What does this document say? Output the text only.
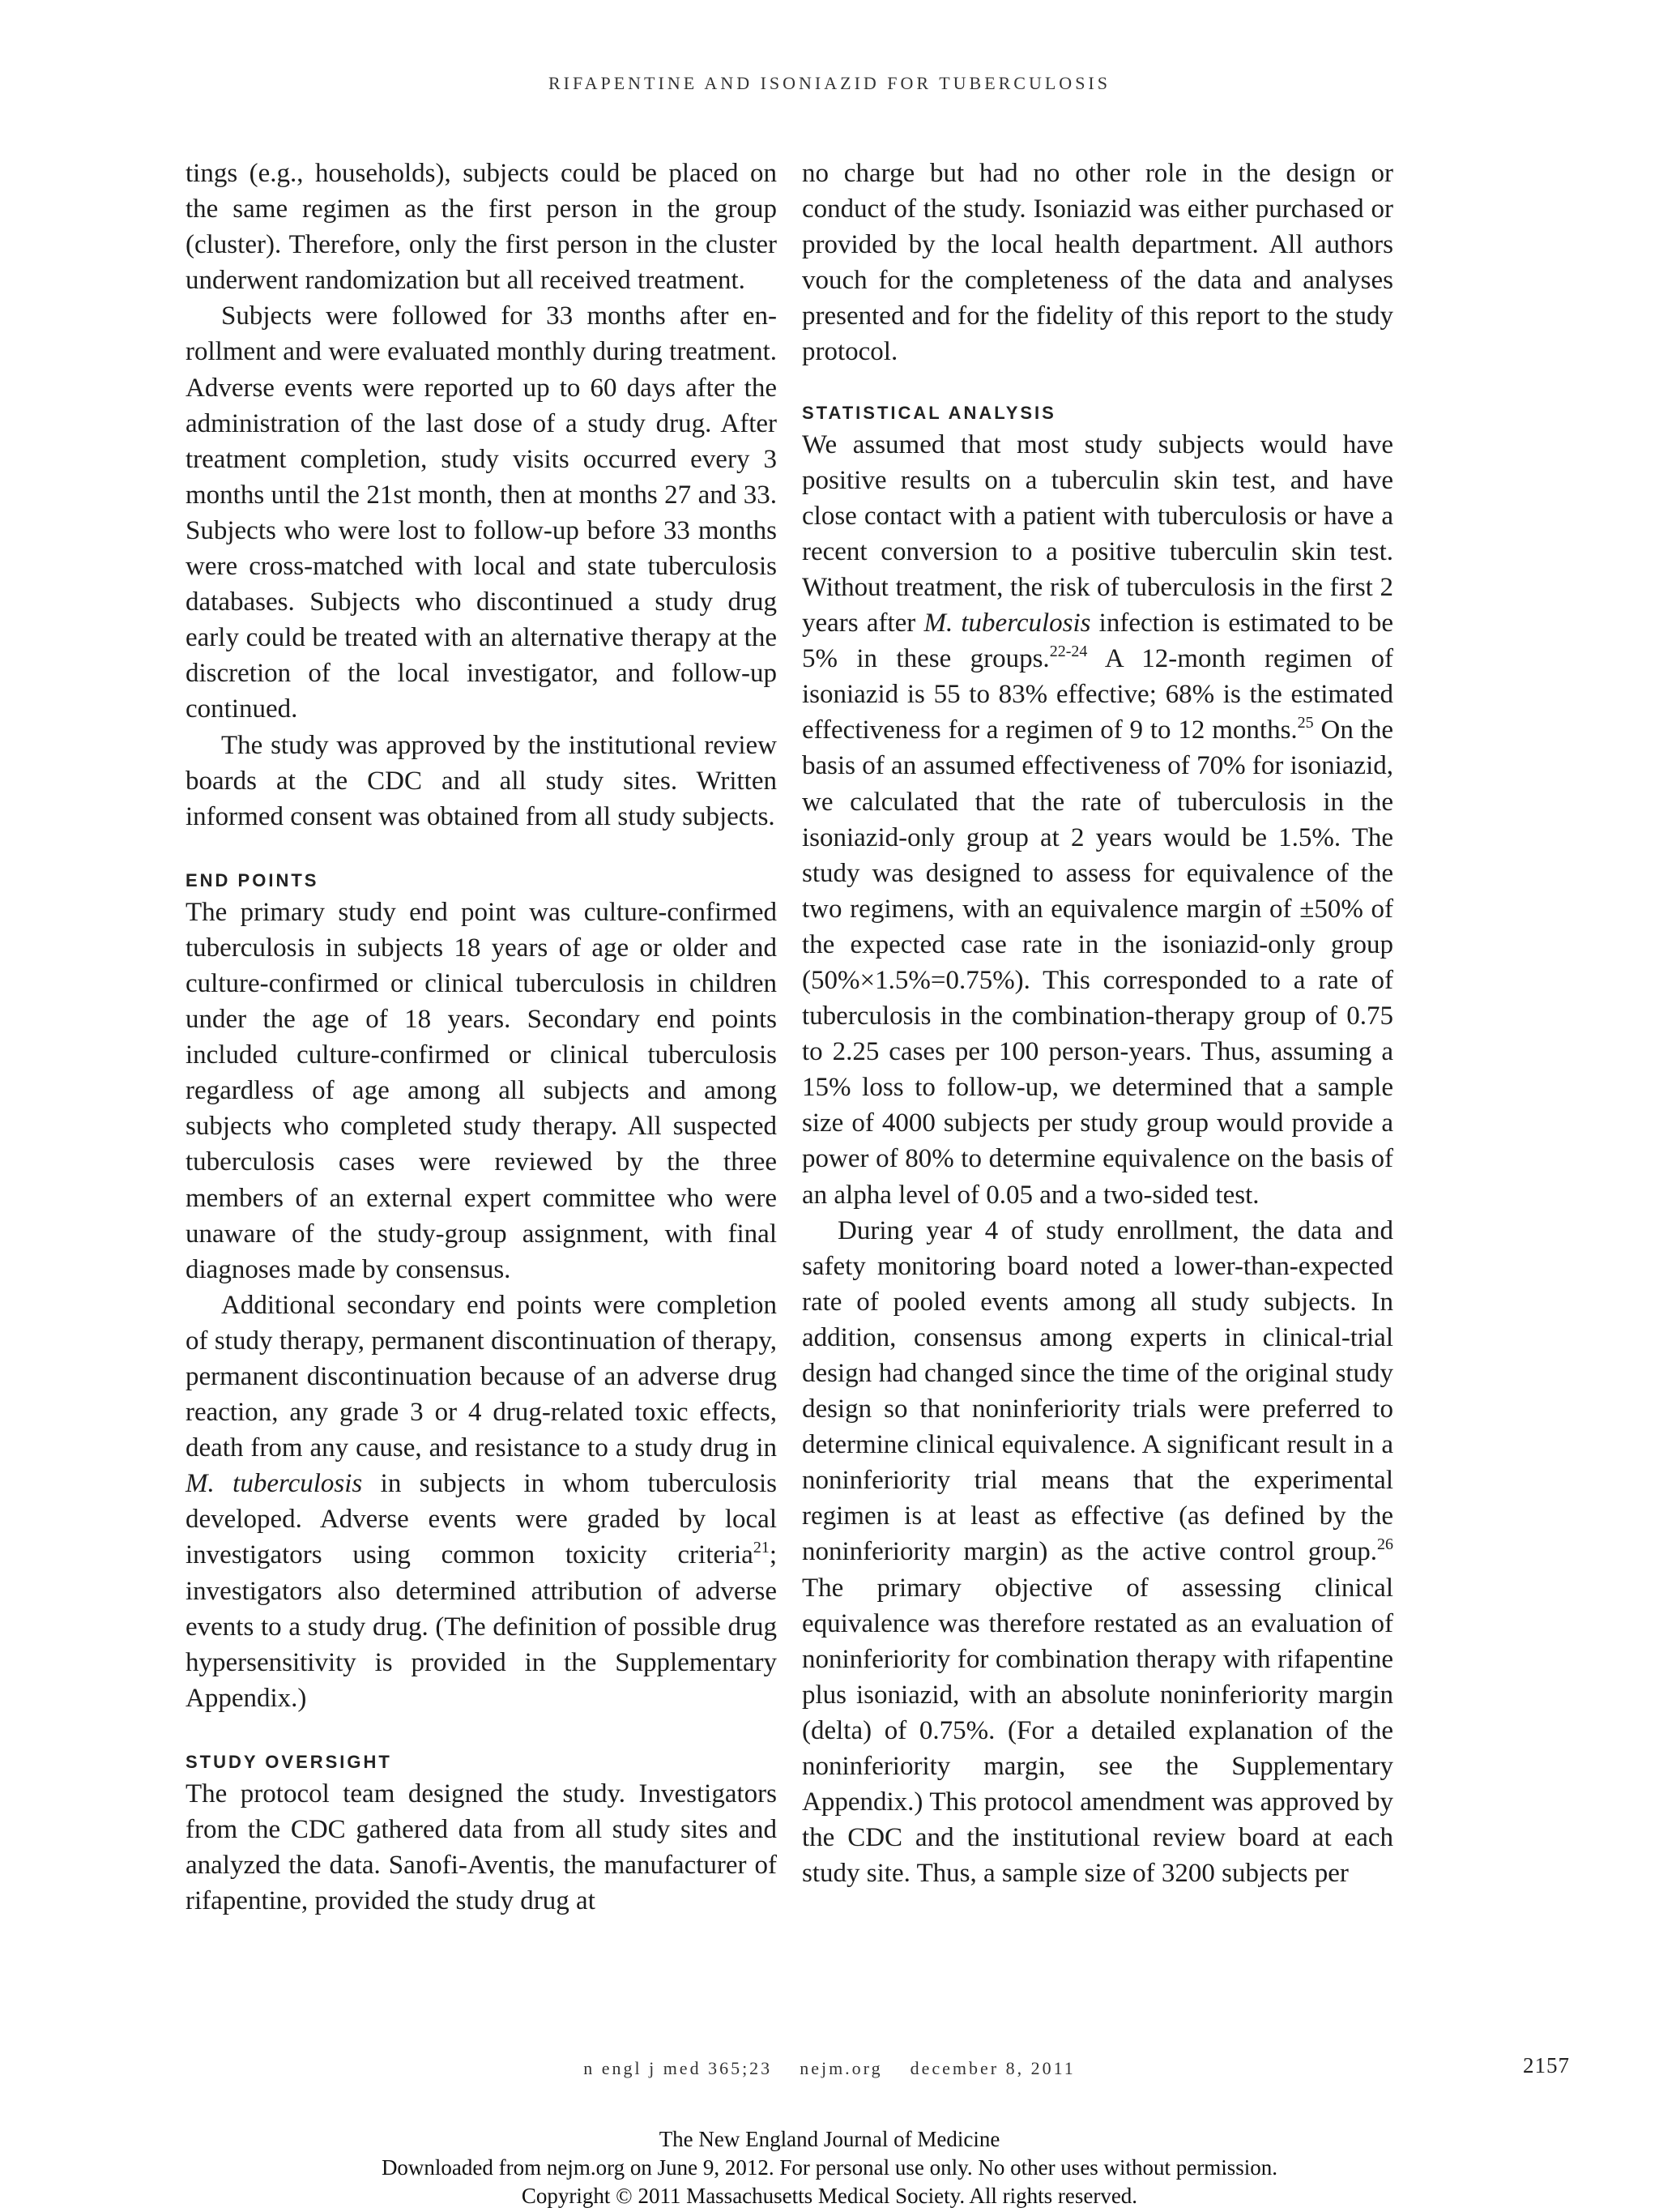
RIFAPENTINE AND ISONIAZID FOR TUBERCULOSIS

tings (e.g., households), subjects could be placed on the same regimen as the first person in the group (cluster). Therefore, only the first person in the cluster underwent randomization but all received treatment.

Subjects were followed for 33 months after enrollment and were evaluated monthly during treatment. Adverse events were reported up to 60 days after the administration of the last dose of a study drug. After treatment completion, study visits occurred every 3 months until the 21st month, then at months 27 and 33. Subjects who were lost to follow-up before 33 months were cross-matched with local and state tuberculosis databases. Subjects who discontinued a study drug early could be treated with an alternative therapy at the discretion of the local investigator, and follow-up continued.

The study was approved by the institutional review boards at the CDC and all study sites. Written informed consent was obtained from all study subjects.

END POINTS

The primary study end point was culture-confirmed tuberculosis in subjects 18 years of age or older and culture-confirmed or clinical tuberculosis in children under the age of 18 years. Secondary end points included culture-confirmed or clinical tuberculosis regardless of age among all subjects and among subjects who completed study therapy. All suspected tuberculosis cases were reviewed by the three members of an external expert committee who were unaware of the study-group assignment, with final diagnoses made by consensus.

Additional secondary end points were completion of study therapy, permanent discontinuation of therapy, permanent discontinuation because of an adverse drug reaction, any grade 3 or 4 drug-related toxic effects, death from any cause, and resistance to a study drug in M. tuberculosis in subjects in whom tuberculosis developed. Adverse events were graded by local investigators using common toxicity criteria$^{21}$; investigators also determined attribution of adverse events to a study drug. (The definition of possible drug hypersensitivity is provided in the Supplementary Appendix.)

STUDY OVERSIGHT

The protocol team designed the study. Investigators from the CDC gathered data from all study sites and analyzed the data. Sanofi-Aventis, the manufacturer of rifapentine, provided the study drug at

no charge but had no other role in the design or conduct of the study. Isoniazid was either purchased or provided by the local health department. All authors vouch for the completeness of the data and analyses presented and for the fidelity of this report to the study protocol.

STATISTICAL ANALYSIS

We assumed that most study subjects would have positive results on a tuberculin skin test, and have close contact with a patient with tuberculosis or have a recent conversion to a positive tuberculin skin test. Without treatment, the risk of tuberculosis in the first 2 years after M. tuberculosis infection is estimated to be 5% in these groups.$^{22-24}$ A 12-month regimen of isoniazid is 55 to 83% effective; 68% is the estimated effectiveness for a regimen of 9 to 12 months.$^{25}$ On the basis of an assumed effectiveness of 70% for isoniazid, we calculated that the rate of tuberculosis in the isoniazid-only group at 2 years would be 1.5%. The study was designed to assess for equivalence of the two regimens, with an equivalence margin of ±50% of the expected case rate in the isoniazid-only group (50%×1.5%=0.75%). This corresponded to a rate of tuberculosis in the combination-therapy group of 0.75 to 2.25 cases per 100 person-years. Thus, assuming a 15% loss to follow-up, we determined that a sample size of 4000 subjects per study group would provide a power of 80% to determine equivalence on the basis of an alpha level of 0.05 and a two-sided test.

During year 4 of study enrollment, the data and safety monitoring board noted a lower-than-expected rate of pooled events among all study subjects. In addition, consensus among experts in clinical-trial design had changed since the time of the original study design so that noninferiority trials were preferred to determine clinical equivalence. A significant result in a noninferiority trial means that the experimental regimen is at least as effective (as defined by the noninferiority margin) as the active control group.$^{26}$ The primary objective of assessing clinical equivalence was therefore restated as an evaluation of noninferiority for combination therapy with rifapentine plus isoniazid, with an absolute noninferiority margin (delta) of 0.75%. (For a detailed explanation of the noninferiority margin, see the Supplementary Appendix.) This protocol amendment was approved by the CDC and the institutional review board at each study site. Thus, a sample size of 3200 subjects per

n engl j med 365;23 nejm.org december 8, 2011	2157
The New England Journal of Medicine
Downloaded from nejm.org on June 9, 2012. For personal use only. No other uses without permission.
Copyright © 2011 Massachusetts Medical Society. All rights reserved.
